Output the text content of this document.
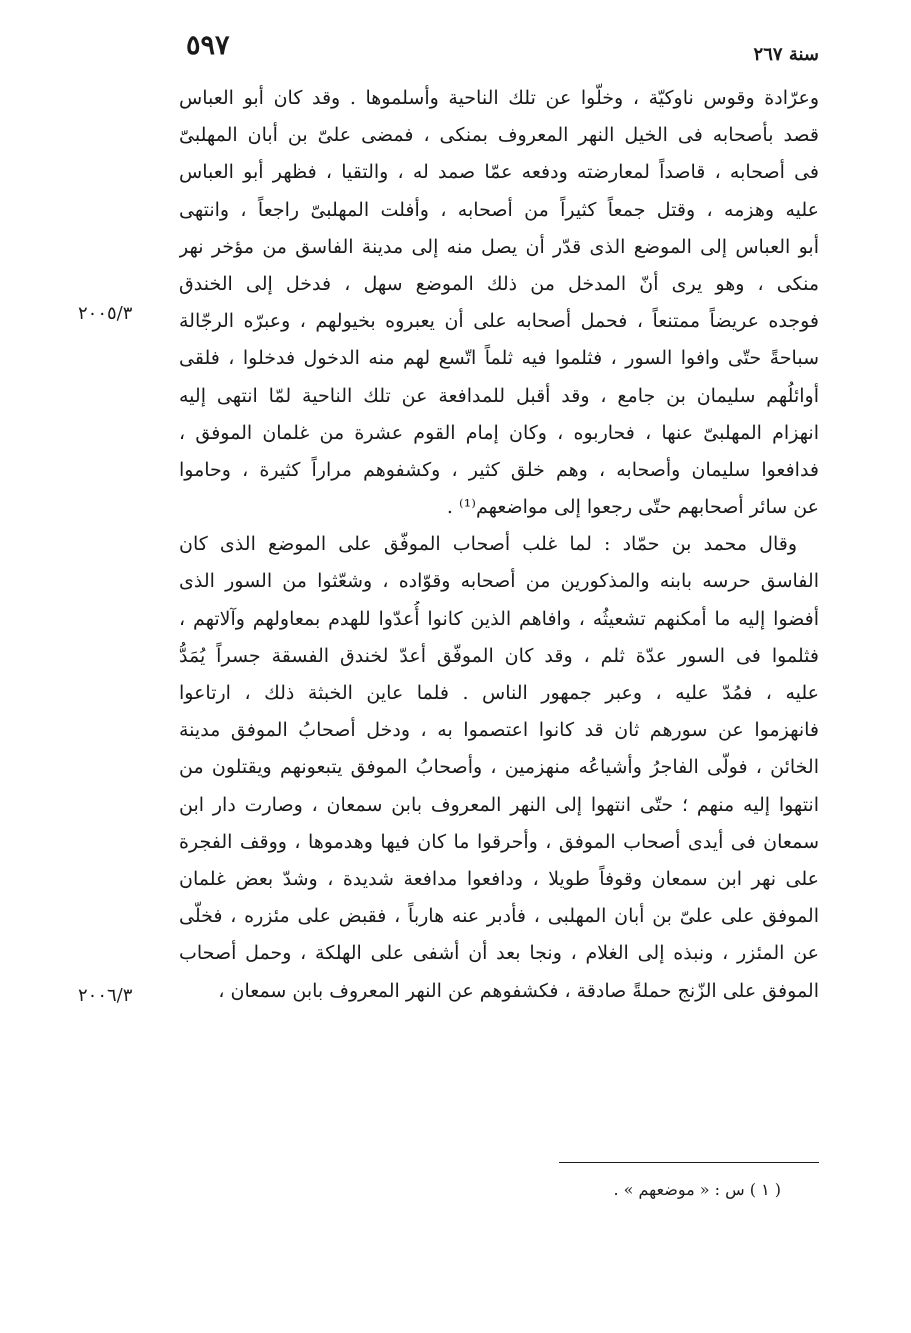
٥٩٧	سنة ٢٦٧
وعرّادة وقوس ناوكيّة ، وخلّوا عن تلك الناحية وأسلموها . وقد كان أبو العباس
قصد بأصحابه فى الخيل النهر المعروف بمنكى ، فمضى علىّ بن أبان المهلبىّ
فى أصحابه ، قاصداً لمعارضته ودفعه عمّا صمد له ، والتقيا ، فظهر أبو العباس
عليه وهزمه ، وقتل جمعاً كثيراً من أصحابه ، وأفلت المهلبىّ راجعاً ، وانتهى
أبو العباس إلى الموضع الذى قدّر أن يصل منه إلى مدينة الفاسق من مؤخر نهر
منكى ، وهو يرى أنّ المدخل من ذلك الموضع سهل ، فدخل إلى الخندق
فوجده عريضاً ممتنعاً ، فحمل أصحابه على أن يعبروه بخيولهم ، وعبرّه الرجّالة
سباحةً حتّى وافوا السور ، فثلموا فيه ثلماً اتّسع لهم منه الدخول فدخلوا ، فلقى
أوائلُهم سليمان بن جامع ، وقد أقبل للمدافعة عن تلك الناحية لمّا انتهى إليه
انهزام المهلبىّ عنها ، فحاربوه ، وكان إمام القوم عشرة من غلمان الموفق ،
فدافعوا سليمان وأصحابه ، وهم خلق كثير ، وكشفوهم مراراً كثيرة ، وحاموا
عن سائر أصحابهم حتّى رجعوا إلى مواضعهم⁽¹⁾ .
وقال محمد بن حمّاد : لما غلب أصحاب الموفّق على الموضع الذى كان
الفاسق حرسه بابنه والمذكورين من أصحابه وقوّاده ، وشعّثوا من السور الذى
أفضوا إليه ما أمكنهم تشعيثُه ، وافاهم الذين كانوا أُعدّوا للهدم بمعاولهم وآلاتهم ،
فثلموا فى السور عدّة ثلم ، وقد كان الموفّق أعدّ لخندق الفسقة جسراً يُمَدُّ
عليه ، فمُدّ عليه ، وعبر جمهور الناس . فلما عاين الخبثة ذلك ، ارتاعوا
فانهزموا عن سورهم ثان قد كانوا اعتصموا به ، ودخل أصحابُ الموفق مدينة
الخائن ، فولّى الفاجرُ وأشياعُه منهزمين ، وأصحابُ الموفق يتبعونهم ويقتلون من
انتهوا إليه منهم ؛ حتّى انتهوا إلى النهر المعروف بابن سمعان ، وصارت دار ابن
سمعان فى أيدى أصحاب الموفق ، وأحرقوا ما كان فيها وهدموها ، ووقف الفجرة
على نهر ابن سمعان وقوفاً طويلا ، ودافعوا مدافعة شديدة ، وشدّ بعض غلمان
الموفق على علىّ بن أبان المهلبى ، فأدبر عنه هارباً ، فقبض على مئزره ، فخلّى
عن المئزر ، ونبذه إلى الغلام ، ونجا بعد أن أشفى على الهلكة ، وحمل أصحاب
الموفق على الزّنج حملةً صادقة ، فكشفوهم عن النهر المعروف بابن سمعان ،
٢٠٠٥/٣
٢٠٠٦/٣
( ١ ) س : « موضعهم » .
